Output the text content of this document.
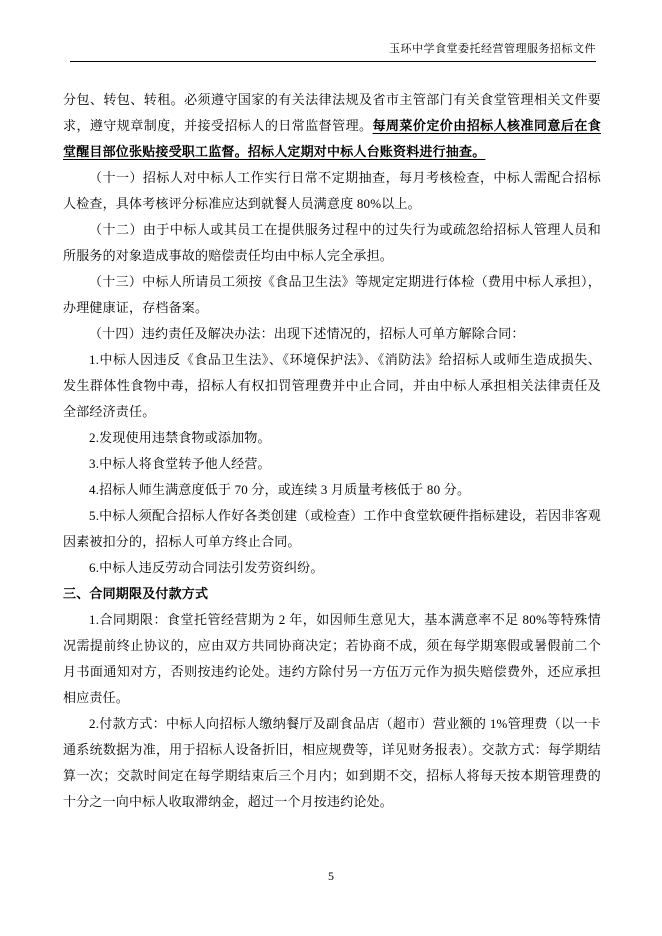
玉环中学食堂委托经营管理服务招标文件

分包、转包、转租。必须遵守国家的有关法律法规及省市主管部门有关食堂管理相关文件要求，遵守规章制度，并接受招标人的日常监督管理。每周菜价定价由招标人核准同意后在食堂醒目部位张贴接受职工监督。招标人定期对中标人台账资料进行抽查。

（十一）招标人对中标人工作实行日常不定期抽查，每月考核检查，中标人需配合招标人检查，具体考核评分标准应达到就餐人员满意度 80%以上。

（十二）由于中标人或其员工在提供服务过程中的过失行为或疏忽给招标人管理人员和所服务的对象造成事故的赔偿责任均由中标人完全承担。

（十三）中标人所请员工须按《食品卫生法》等规定定期进行体检（费用中标人承担），办理健康证，存档备案。

（十四）违约责任及解决办法：出现下述情况的，招标人可单方解除合同：

1.中标人因违反《食品卫生法》、《环境保护法》、《消防法》给招标人或师生造成损失、发生群体性食物中毒，招标人有权扣罚管理费并中止合同，并由中标人承担相关法律责任及全部经济责任。

2.发现使用违禁食物或添加物。

3.中标人将食堂转予他人经营。

4.招标人师生满意度低于 70 分，或连续 3 月质量考核低于 80 分。

5.中标人须配合招标人作好各类创建（或检查）工作中食堂软硬件指标建设，若因非客观因素被扣分的，招标人可单方终止合同。

6.中标人违反劳动合同法引发劳资纠纷。

三、合同期限及付款方式

1.合同期限：食堂托管经营期为 2 年，如因师生意见大，基本满意率不足 80%等特殊情况需提前终止协议的，应由双方共同协商决定；若协商不成，须在每学期寒假或暑假前二个月书面通知对方，否则按违约论处。违约方除付另一方伍万元作为损失赔偿费外，还应承担相应责任。

2.付款方式：中标人向招标人缴纳餐厅及副食品店（超市）营业额的 1%管理费（以一卡通系统数据为准，用于招标人设备折旧，相应规费等，详见财务报表）。交款方式：每学期结算一次；交款时间定在每学期结束后三个月内；如到期不交，招标人将每天按本期管理费的十分之一向中标人收取滞纳金，超过一个月按违约论处。

5
